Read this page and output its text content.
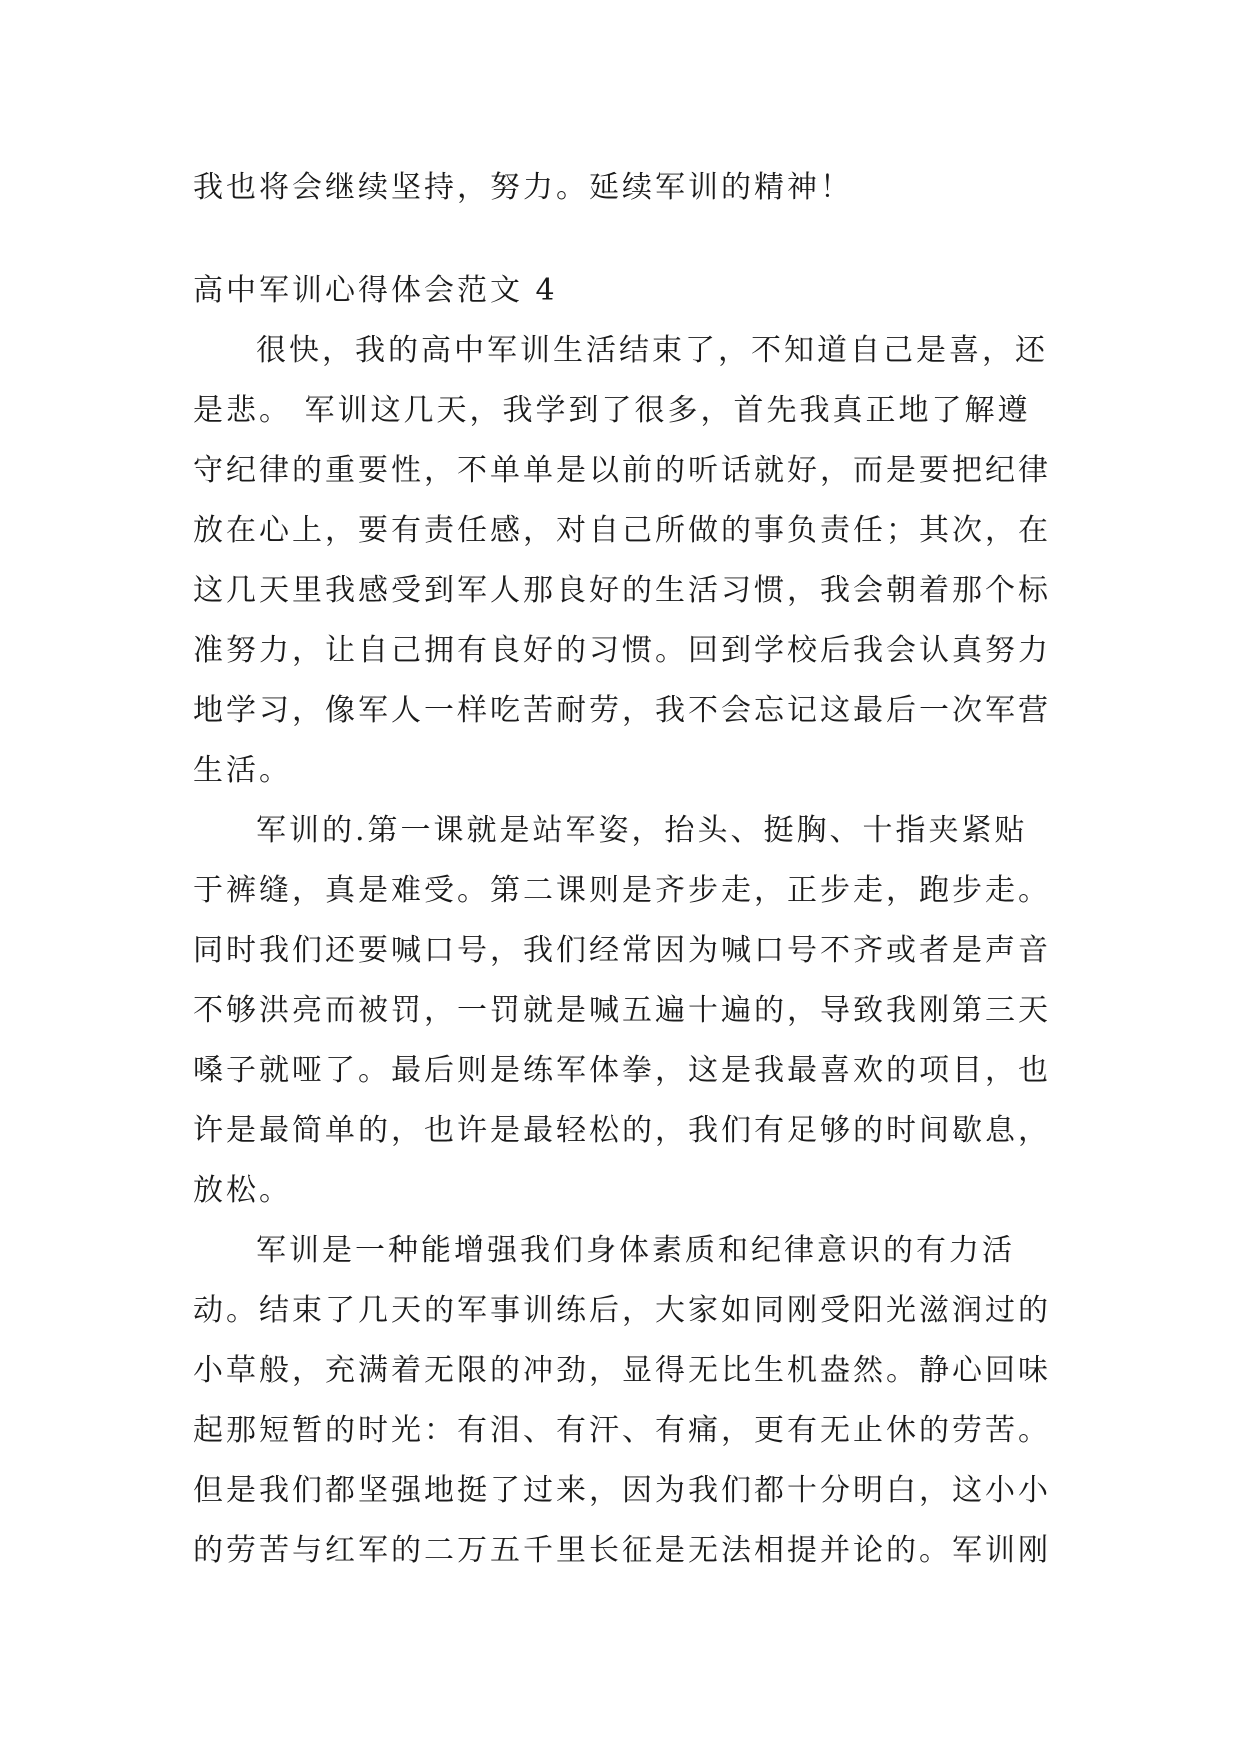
我也将会继续坚持，努力。延续军训的精神！
高中军训心得体会范文 4
很快，我的高中军训生活结束了，不知道自己是喜，还
是悲。 军训这几天，我学到了很多，首先我真正地了解遵
守纪律的重要性，不单单是以前的听话就好，而是要把纪律
放在心上，要有责任感，对自己所做的事负责任；其次，在
这几天里我感受到军人那良好的生活习惯，我会朝着那个标
准努力，让自己拥有良好的习惯。回到学校后我会认真努力
地学习，像军人一样吃苦耐劳，我不会忘记这最后一次军营
生活。
军训的.第一课就是站军姿，抬头、挺胸、十指夹紧贴
于裤缝，真是难受。第二课则是齐步走，正步走，跑步走。
同时我们还要喊口号，我们经常因为喊口号不齐或者是声音
不够洪亮而被罚，一罚就是喊五遍十遍的，导致我刚第三天
嗓子就哑了。最后则是练军体拳，这是我最喜欢的项目，也
许是最简单的，也许是最轻松的，我们有足够的时间歇息，
放松。
军训是一种能增强我们身体素质和纪律意识的有力活
动。结束了几天的军事训练后，大家如同刚受阳光滋润过的
小草般，充满着无限的冲劲，显得无比生机盎然。静心回味
起那短暂的时光：有泪、有汗、有痛，更有无止休的劳苦。
但是我们都坚强地挺了过来，因为我们都十分明白，这小小
的劳苦与红军的二万五千里长征是无法相提并论的。军训刚
